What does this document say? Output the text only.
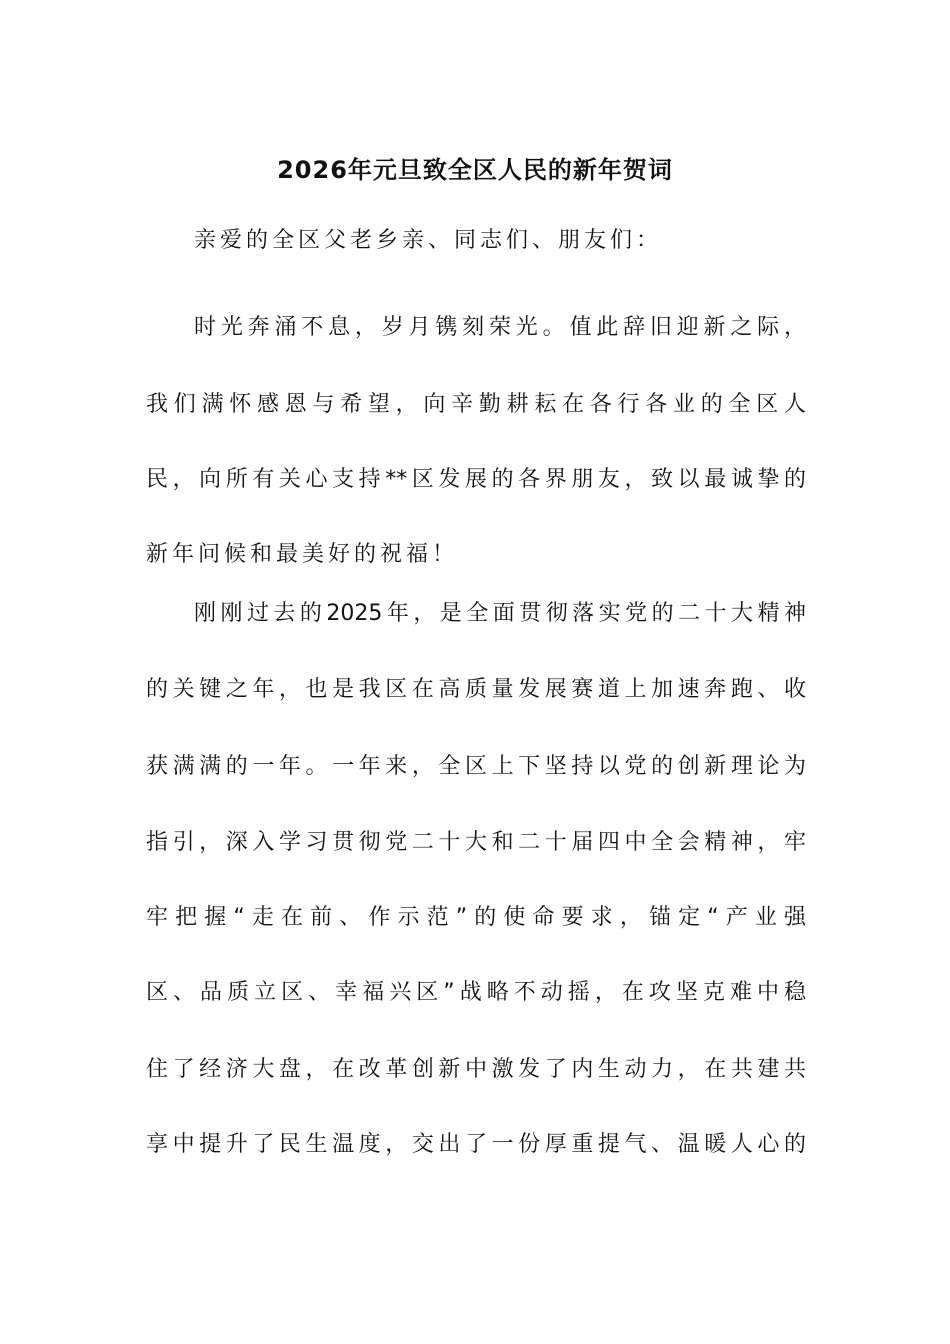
2026年元旦致全区人民的新年贺词
亲爱的全区父老乡亲、同志们、朋友们：
时光奔涌不息，岁月镌刻荣光。值此辞旧迎新之际，
我们满怀感恩与希望，向辛勤耕耘在各行各业的全区人
民，向所有关心支持**区发展的各界朋友，致以最诚挚的
新年问候和最美好的祝福！
刚刚过去的2025年，是全面贯彻落实党的二十大精神
的关键之年，也是我区在高质量发展赛道上加速奔跑、收
获满满的一年。一年来，全区上下坚持以党的创新理论为
指引，深入学习贯彻党二十大和二十届四中全会精神，牢
牢把握“走在前、作示范”的使命要求，锚定“产业强
区、品质立区、幸福兴区”战略不动摇，在攻坚克难中稳
住了经济大盘，在改革创新中激发了内生动力，在共建共
享中提升了民生温度，交出了一份厚重提气、温暖人心的
